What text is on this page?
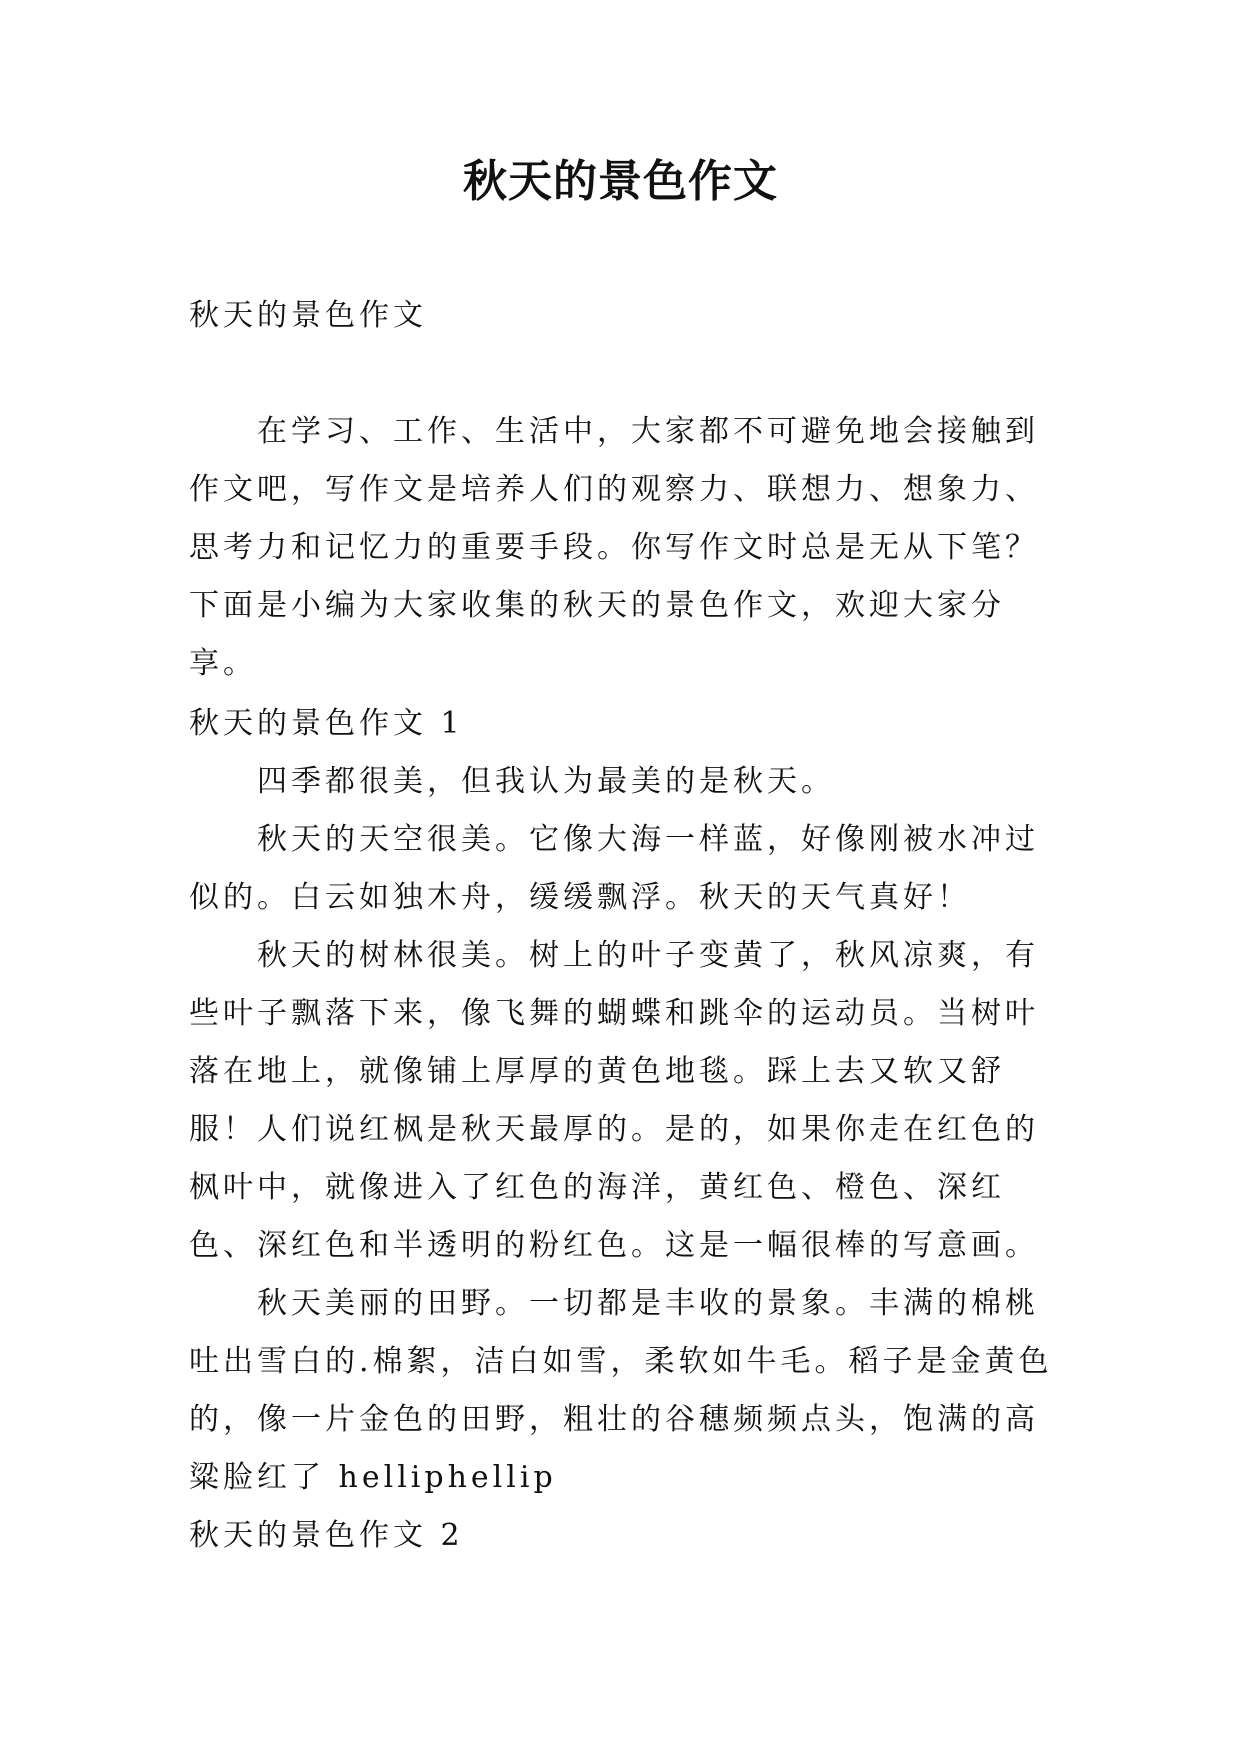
秋天的景色作文

秋天的景色作文

在学习、工作、生活中，大家都不可避免地会接触到作文吧，写作文是培养人们的观察力、联想力、想象力、思考力和记忆力的重要手段。你写作文时总是无从下笔？下面是小编为大家收集的秋天的景色作文，欢迎大家分享。

秋天的景色作文 1

四季都很美，但我认为最美的是秋天。

秋天的天空很美。它像大海一样蓝，好像刚被水冲过似的。白云如独木舟，缓缓飘浮。秋天的天气真好！

秋天的树林很美。树上的叶子变黄了，秋风凉爽，有些叶子飘落下来，像飞舞的蝴蝶和跳伞的运动员。当树叶落在地上，就像铺上厚厚的黄色地毯。踩上去又软又舒服！人们说红枫是秋天最厚的。是的，如果你走在红色的枫叶中，就像进入了红色的海洋，黄红色、橙色、深红色、深红色和半透明的粉红色。这是一幅很棒的写意画。

秋天美丽的田野。一切都是丰收的景象。丰满的棉桃吐出雪白的.棉絮，洁白如雪，柔软如牛毛。稻子是金黄色的，像一片金色的田野，粗壮的谷穗频频点头，饱满的高粱脸红了 helliphellip

秋天的景色作文 2
